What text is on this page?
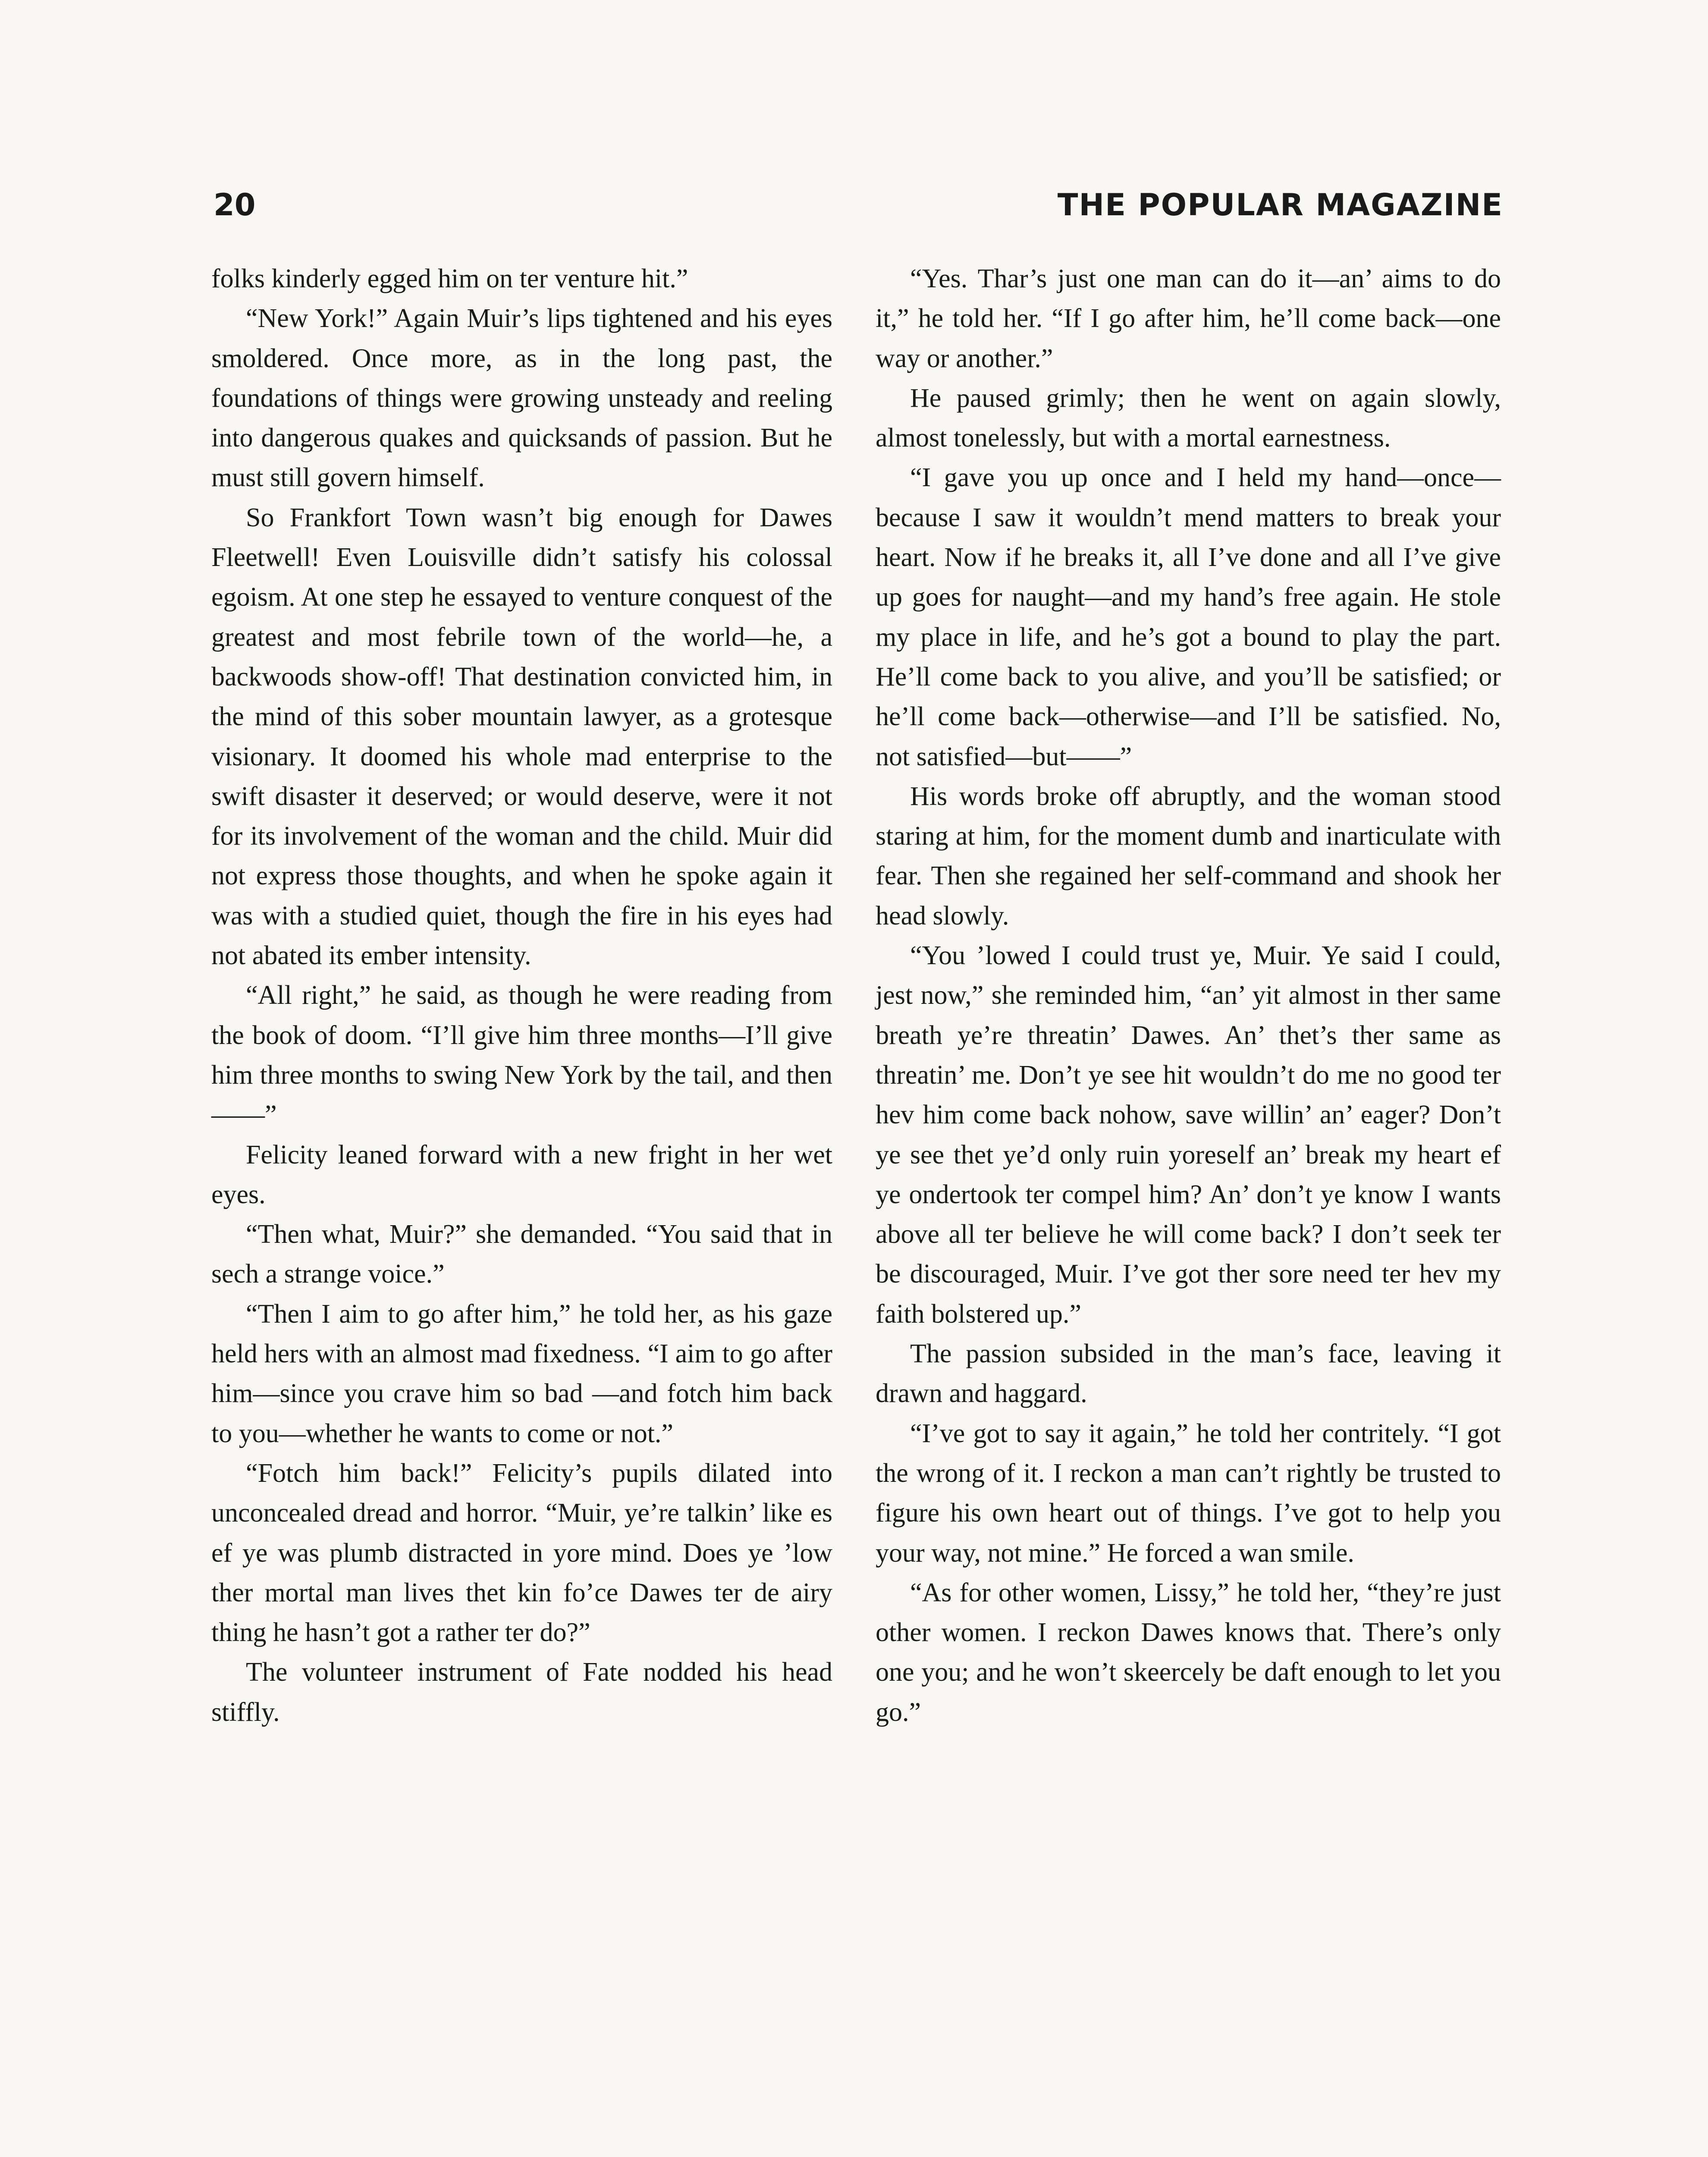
20	THE POPULAR MAGAZINE

folks kinderly egged him on ter venture hit.”

“New York!” Again Muir’s lips tightened and his eyes smoldered. Once more, as in the long past, the foundations of things were growing unsteady and reeling into dangerous quakes and quicksands of passion. But he must still govern himself.

So Frankfort Town wasn’t big enough for Dawes Fleetwell! Even Louisville didn’t satisfy his colossal egoism. At one step he essayed to venture conquest of the greatest and most febrile town of the world—he, a backwoods show-off! That destination convicted him, in the mind of this sober mountain lawyer, as a grotesque visionary. It doomed his whole mad enterprise to the swift disaster it deserved; or would deserve, were it not for its involvement of the woman and the child. Muir did not express those thoughts, and when he spoke again it was with a studied quiet, though the fire in his eyes had not abated its ember intensity.

“All right,” he said, as though he were reading from the book of doom. “I’ll give him three months—I’ll give him three months to swing New York by the tail, and then——”

Felicity leaned forward with a new fright in her wet eyes.

“Then what, Muir?” she demanded. “You said that in sech a strange voice.”

“Then I aim to go after him,” he told her, as his gaze held hers with an almost mad fixedness. “I aim to go after him—since you crave him so bad —and fotch him back to you—whether he wants to come or not.”

“Fotch him back!” Felicity’s pupils dilated into unconcealed dread and horror. “Muir, ye’re talkin’ like es ef ye was plumb distracted in yore mind. Does ye ’low ther mortal man lives thet kin fo’ce Dawes ter de airy thing he hasn’t got a rather ter do?”

The volunteer instrument of Fate nodded his head stiffly.

“Yes. Thar’s just one man can do it—an’ aims to do it,” he told her. “If I go after him, he’ll come back—one way or another.”

He paused grimly; then he went on again slowly, almost tonelessly, but with a mortal earnestness.

“I gave you up once and I held my hand—once—because I saw it wouldn’t mend matters to break your heart. Now if he breaks it, all I’ve done and all I’ve give up goes for naught—and my hand’s free again. He stole my place in life, and he’s got a bound to play the part. He’ll come back to you alive, and you’ll be satisfied; or he’ll come back—otherwise—and I’ll be satisfied. No, not satisfied—but——”

His words broke off abruptly, and the woman stood staring at him, for the moment dumb and inarticulate with fear. Then she regained her self-command and shook her head slowly.

“You ’lowed I could trust ye, Muir. Ye said I could, jest now,” she reminded him, “an’ yit almost in ther same breath ye’re threatin’ Dawes. An’ thet’s ther same as threatin’ me. Don’t ye see hit wouldn’t do me no good ter hev him come back nohow, save willin’ an’ eager? Don’t ye see thet ye’d only ruin yoreself an’ break my heart ef ye ondertook ter compel him? An’ don’t ye know I wants above all ter believe he will come back? I don’t seek ter be discouraged, Muir. I’ve got ther sore need ter hev my faith bolstered up.”

The passion subsided in the man’s face, leaving it drawn and haggard.

“I’ve got to say it again,” he told her contritely. “I got the wrong of it. I reckon a man can’t rightly be trusted to figure his own heart out of things. I’ve got to help you your way, not mine.” He forced a wan smile.

“As for other women, Lissy,” he told her, “they’re just other women. I reckon Dawes knows that. There’s only one you; and he won’t skeercely be daft enough to let you go.”
